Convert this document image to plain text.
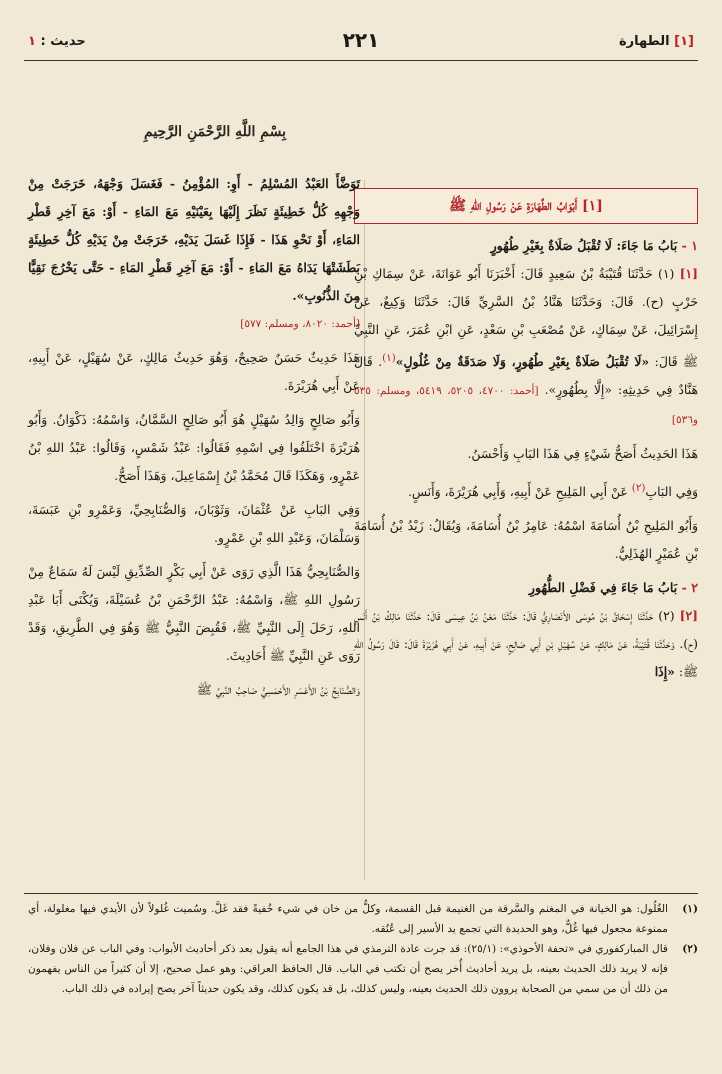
[١] الطهارة
٢٢١
حديث : ١
بِسْمِ اللَّهِ الرَّحْمَنِ الرَّحِيمِ
[١] أَبْوَابُ الطَّهَارَةِ عَنْ رَسُولِ اللهِ ﷺ

١ - بَابُ مَا جَاءَ: لَا تُقْبَلُ صَلَاةٌ بِغَيْرِ طُهُورٍ

[١] (١) حَدَّثَنَا قُتَيْبَةُ بْنُ سَعِيدٍ قَالَ: أَخْبَرَنَا أَبُو عَوَانَةَ، عَنْ سِمَاكِ بْنِ حَرْبٍ (ح). قَالَ: وَحَدَّثَنَا هَنَّادُ بْنُ السَّرِيِّ قَالَ: حَدَّثَنَا وَكِيعٌ، عَنْ إِسْرَائِيلَ، عَنْ سِمَاكٍ، عَنْ مُصْعَبِ بْنِ سَعْدٍ، عَنِ ابْنِ عُمَرَ، عَنِ النَّبِيِّ ﷺ قَالَ: «لَا تُقْبَلُ صَلَاةٌ بِغَيْرِ طُهُورٍ، وَلَا صَدَقَةٌ مِنْ غُلُولٍ»$^{(١)}$. قَالَ هَنَّادٌ فِي حَدِيثِهِ: «إِلَّا بِطُهُورٍ». [أحمد: ٤٧٠٠، ٥٢٠٥، ٥٤١٩، ومسلم: ٥٣٥ و٥٣٦]

هَذَا الحَدِيثُ أَصَحُّ شَيْءٍ فِي هَذَا البَابِ وَأَحْسَنُ.

وَفِي البَابِ$^{(٢)}$ عَنْ أَبِي المَلِيحِ عَنْ أَبِيهِ، وَأَبِي هُرَيْرَةَ، وَأَنَسٍ.

وَأَبُو المَلِيحِ بْنُ أُسَامَةَ اسْمُهُ: عَامِرُ بْنُ أُسَامَةَ، وَيُقَالُ: زَيْدُ بْنُ أُسَامَةَ بْنِ عُمَيْرٍ الهُذَلِيُّ.

٢ - بَابُ مَا جَاءَ فِي فَضْلِ الطُّهُورِ

[٢] (٢) حَدَّثَنَا إِسْحَاقُ بْنُ مُوسَى الأَنْصَارِيُّ قَالَ: حَدَّثَنَا مَعْنُ بْنُ عِيسَى قَالَ: حَدَّثَنَا مَالِكُ بْنُ أَنَسٍ (ح). وَحَدَّثَنَا قُتَيْبَةُ، عَنْ مَالِكٍ، عَنْ سُهَيْلِ بْنِ أَبِي صَالِحٍ، عَنْ أَبِيهِ، عَنْ أَبِي هُرَيْرَةَ قَالَ: قَالَ رَسُولُ اللهِ ﷺ: «إِذَا

تَوَضَّأَ العَبْدُ المُسْلِمُ - أَوِ: المُؤْمِنُ - فَغَسَلَ وَجْهَهُ، خَرَجَتْ مِنْ وَجْهِهِ كُلُّ خَطِيئَةٍ نَظَرَ إِلَيْهَا بِعَيْنَيْهِ مَعَ المَاءِ - أَوْ: مَعَ آخِرِ قَطْرِ المَاءِ، أَوْ نَحْوِ هَذَا - فَإِذَا غَسَلَ يَدَيْهِ، خَرَجَتْ مِنْ يَدَيْهِ كُلُّ خَطِيئَةٍ بَطَشَتْهَا يَدَاهُ مَعَ المَاءِ - أَوْ: مَعَ آخِرِ قَطْرِ المَاءِ - حَتَّى يَخْرُجَ نَقِيًّا مِنَ الذُّنُوبِ».

[أحمد: ٨٠٢٠، ومسلم: ٥٧٧]

هَذَا حَدِيثٌ حَسَنٌ صَحِيحٌ، وَهُوَ حَدِيثُ مَالِكٍ، عَنْ سُهَيْلٍ، عَنْ أَبِيهِ، عَنْ أَبِي هُرَيْرَةَ.

وَأَبُو صَالِحٍ وَالِدُ سُهَيْلٍ هُوَ أَبُو صَالِحٍ السَّمَّانُ، وَاسْمُهُ: ذَكْوَانُ. وَأَبُو هُرَيْرَةَ اخْتَلَفُوا فِي اسْمِهِ فَقَالُوا: عَبْدُ شَمْسٍ، وَقَالُوا: عَبْدُ اللهِ بْنُ عَمْرٍو، وَهَكَذَا قَالَ مُحَمَّدُ بْنُ إِسْمَاعِيلَ، وَهَذَا أَصَحُّ.

وَفِي البَابِ عَنْ عُثْمَانَ، وَثَوْبَانَ، وَالصُّنَابِحِيِّ، وَعَمْرِو بْنِ عَبَسَةَ، وَسَلْمَانَ، وَعَبْدِ اللهِ بْنِ عَمْرٍو.

وَالصُّنَابِحِيُّ هَذَا الَّذِي رَوَى عَنْ أَبِي بَكْرٍ الصِّدِّيقِ لَيْسَ لَهُ سَمَاعٌ مِنْ رَسُولِ اللهِ ﷺ، وَاسْمُهُ: عَبْدُ الرَّحْمَنِ بْنُ عُسَيْلَةَ، وَيُكْنَى أَبَا عَبْدِ اللهِ، رَحَلَ إِلَى النَّبِيِّ ﷺ، فَقُبِضَ النَّبِيُّ ﷺ وَهُوَ فِي الطَّرِيقِ، وَقَدْ رَوَى عَنِ النَّبِيِّ ﷺ أَحَادِيثَ.

وَالصُّنَابِحُ بْنُ الأَعْسَرِ الأَحْمَسِيُّ صَاحِبُ النَّبِيِّ ﷺ

(١)
الغُلُول: هو الخيانة في المغنم والسَّرقة من الغنيمة قبل القسمة، وكلُّ من خان في شيء خُفيةً فقد غَلَّ. وسُميت غُلولاً لأن الأيدي فيها مغلولة، أي ممنوعة مجعول فيها غُلٌّ، وهو الحديدة التي تجمع يد الأسير إلى عُنُقه.
(٢)
قال المباركفوري في «تحفة الأحوذي»: (٢٥/١): قد جرت عادة الترمذي في هذا الجامع أنه يقول بعد ذكر أحاديث الأبواب: وفي الباب عن فلان وفلان، فإنه لا يريد ذلك الحديث بعينه، بل يريد أحاديث أُخر يصح أن تكتب في الباب. قال الحافظ العراقي: وهو عمل صحيح، إلا أن كثيراً من الناس يفهمون من ذلك أن من سمي من الصحابة يروون ذلك الحديث بعينه، وليس كذلك، بل قد يكون كذلك، وقد يكون حديثاً آخر يصح إيراده في ذلك الباب.
